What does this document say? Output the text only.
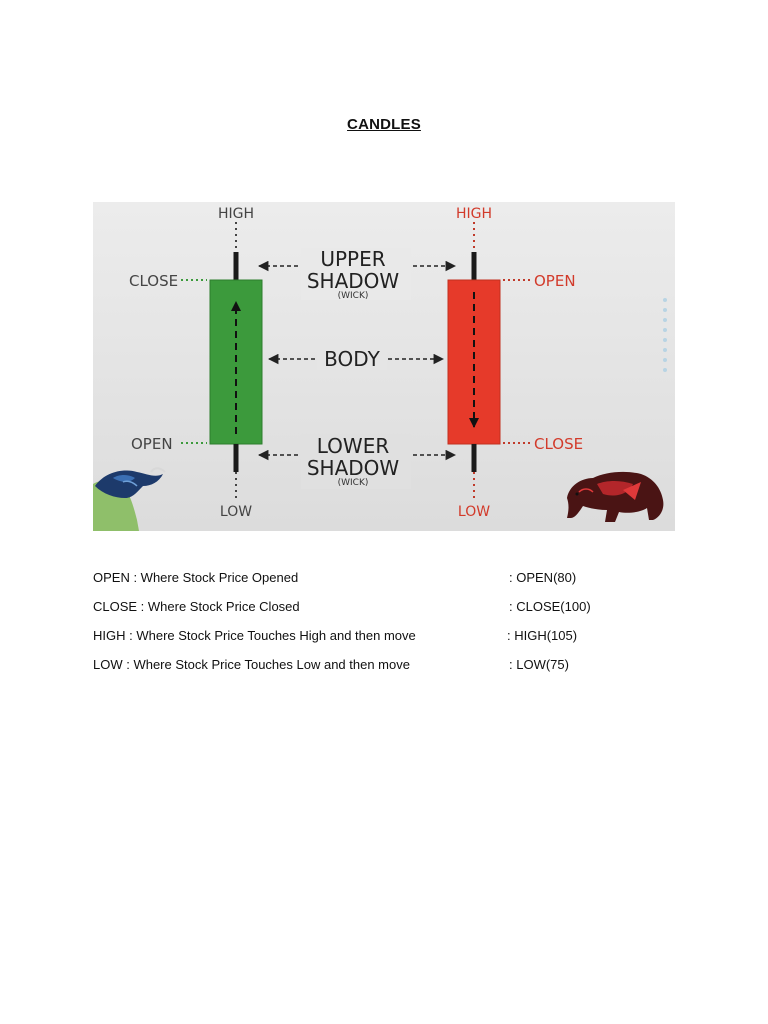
CANDLES
HIGH
CLOSE
OPEN
LOW
HIGH
OPEN
CLOSE
LOW
UPPER
SHADOW
(WICK)
BODY
LOWER
SHADOW
(WICK)
OPEN : Where Stock Price Opened	: OPEN(80)
CLOSE : Where Stock Price Closed	: CLOSE(100)
HIGH : Where Stock Price Touches High and then move	: HIGH(105)
LOW : Where Stock Price Touches Low and then move	: LOW(75)
